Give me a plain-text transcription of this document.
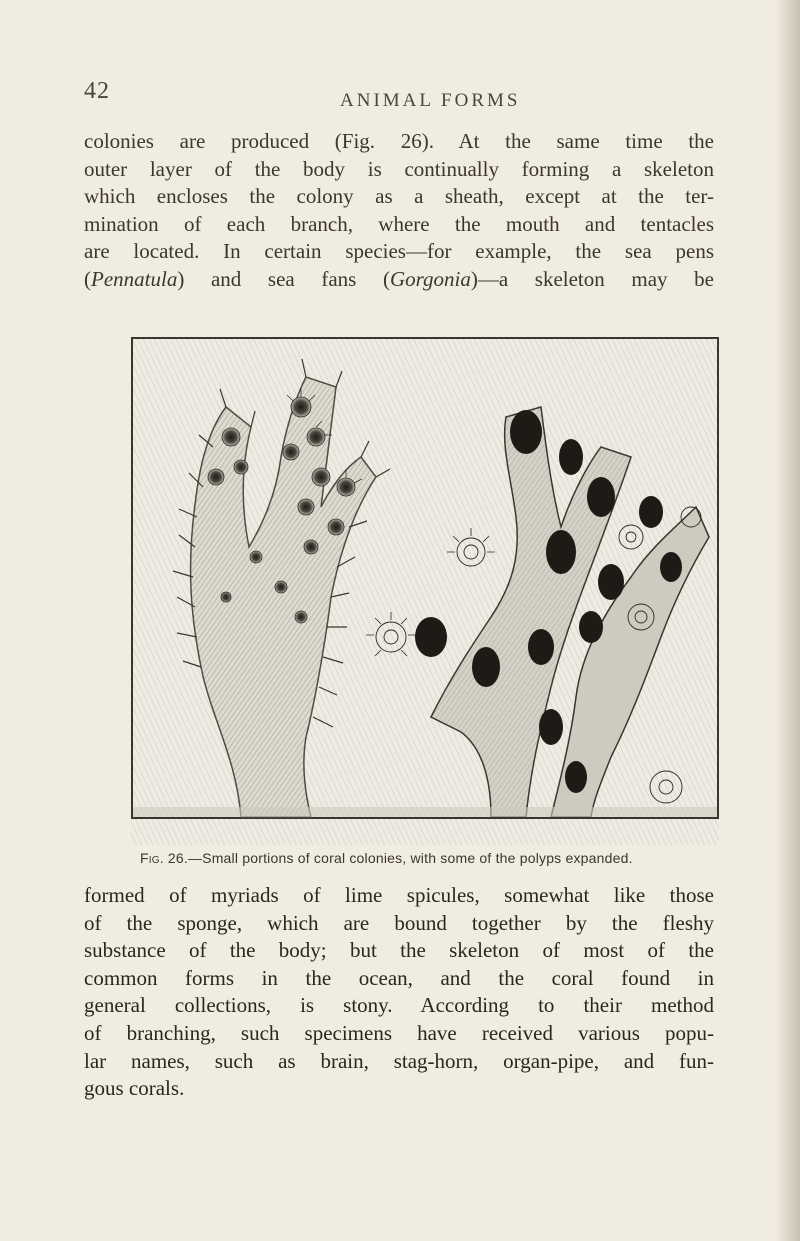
42	ANIMAL FORMS

colonies are produced (Fig. 26). At the same time the
outer layer of the body is continually forming a skeleton
which encloses the colony as a sheath, except at the ter-
mination of each branch, where the mouth and tentacles
are located. In certain species—for example, the sea pens
(Pennatula) and sea fans (Gorgonia)—a skeleton may be

Fig. 26.—Small portions of coral colonies, with some of the polyps expanded.

formed of myriads of lime spicules, somewhat like those
of the sponge, which are bound together by the fleshy
substance of the body; but the skeleton of most of the
common forms in the ocean, and the coral found in
general collections, is stony. According to their method
of branching, such specimens have received various popu-
lar names, such as brain, stag-horn, organ-pipe, and fun-
gous corals.
